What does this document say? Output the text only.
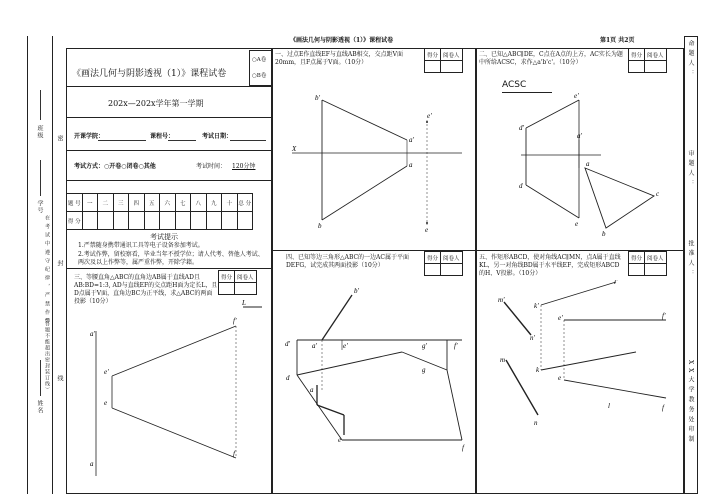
班级
学号
姓名
密
封
线
在 考 试 中 遵 守 纪 律 ， 严 禁 作 弊
（答题不能超出密封装订线）
《画法几何与阴影透视（1）》课程试卷	第1页 共2页	命 题 人 ：
审 题 人 ：
批 准 人 ：
X X 大 学 教 务 处 印 制
《画法几何与阴影透视（1）》课程试卷
○A卷
○B卷
202x—202x学年第一学期
开课学院：	课程号：	考试日期：
考试方式：○开卷○闭卷○其他	考试时间： 120分钟
题 号	一	二	三	四	五	六	七	八	九	十	总 分
得 分											
考试提示
1.严禁随身携带通讯工具等电子设备参加考试。
2.考试作弊，留校察看，毕业当年不授学位；请人代考、替他人考试、两次及以上作弊等，属严重作弊，开除学籍。
三、等腰直角△ABC的直角边AB属于直线AD且AB:BD=1:3, AD与直线EF的交点距H面为定长L，且D点属于V面，直角边BC为正平线，求△ABC的两面投影（10分）
得分	阅卷人

L
f'
a'
e'
e
a
f
一、过点E作直线EF与直线AB相交，交点距V面20mm，且F点属于V面。（10分）
得分	阅卷人

b'
e'
a'
X
a
b	e
二、已知△ABC∥DE，C点在A点的上方，AC实长为题中所给ACSC，求作△a'b'c'。（10分）
得分	阅卷人

ACSC
e'
d'
a'
a
d
c
e
b
得分	阅卷人

四、已知等边三角形△ABC的一边AC属于平面DEFG，试完成其两面投影（10分）
b'
d'	a'	e'	g'	f'
d
g
a
e
f
得分	阅卷人

五、作矩形ABCD，使对角线AC∥MN，点A属于直线KL，另一对角线BD属于水平线EF，完成矩形ABCD的H、V投影。（10分）
m'
k'
l'
e'	f'
n'
m
k
e
l	f
n
